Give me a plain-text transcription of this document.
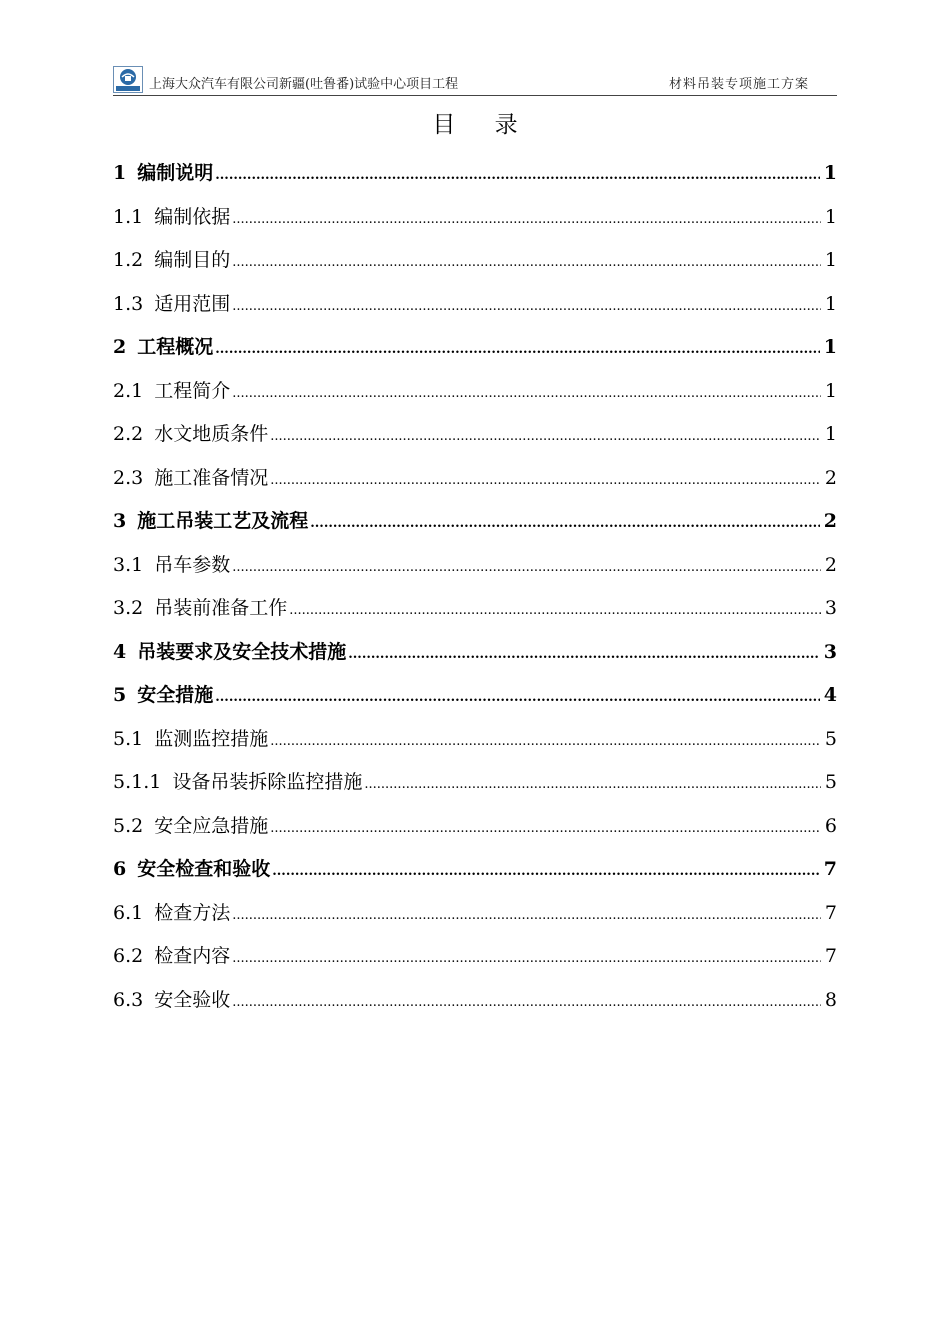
上海大众汽车有限公司新疆(吐鲁番)试验中心项目工程	材料吊装专项施工方案
目 录
1 编制说明 .....	1
1.1 编制依据 .....	1
1.2 编制目的 .....	1
1.3 适用范围 .....	1
2 工程概况 .....	1
2.1 工程简介 .....	1
2.2 水文地质条件 .....	1
2.3 施工准备情况 .....	2
3 施工吊装工艺及流程 .....	2
3.1 吊车参数 .....	2
3.2 吊装前准备工作 .....	3
4 吊装要求及安全技术措施 .....	3
5 安全措施 .....	4
5.1 监测监控措施 .....	5
5.1.1 设备吊装拆除监控措施 .....	5
5.2 安全应急措施 .....	6
6 安全检查和验收 .....	7
6.1 检查方法 .....	7
6.2 检查内容 .....	7
6.3 安全验收 .....	8
